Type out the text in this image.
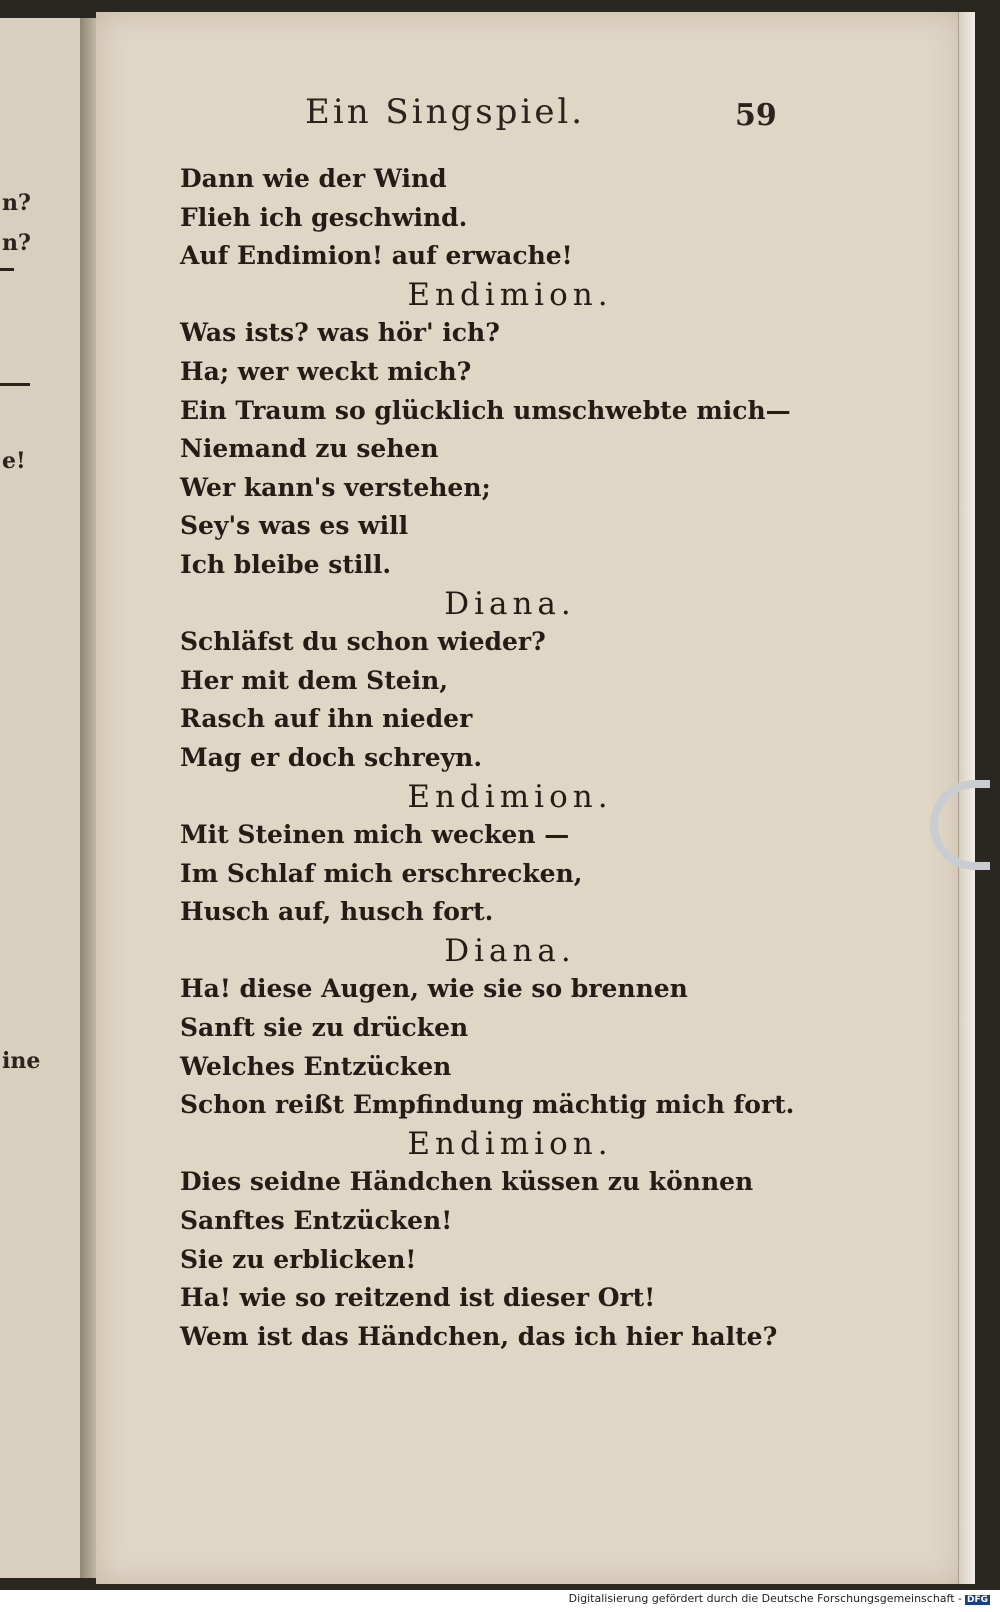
n?
n?
e!
ine
Ein Singspiel.	59
Dann wie der Wind
Flieh ich geschwind.
Auf Endimion! auf erwache!
Endimion.
Was ists? was hör' ich?
Ha; wer weckt mich?
Ein Traum so glücklich umschwebte mich—
Niemand zu sehen
Wer kann's verstehen;
Sey's was es will
Ich bleibe still.
Diana.
Schläfst du schon wieder?
Her mit dem Stein,
Rasch auf ihn nieder
Mag er doch schreyn.
Endimion.
Mit Steinen mich wecken —
Im Schlaf mich erschrecken,
Husch auf, husch fort.
Diana.
Ha! diese Augen, wie sie so brennen
Sanft sie zu drücken
Welches Entzücken
Schon reißt Empfindung mächtig mich fort.
Endimion.
Dies seidne Händchen küssen zu können
Sanftes Entzücken!
Sie zu erblicken!
Ha! wie so reitzend ist dieser Ort!
Wem ist das Händchen, das ich hier halte?
Digitalisierung gefördert durch die Deutsche Forschungsgemeinschaft - DFG
